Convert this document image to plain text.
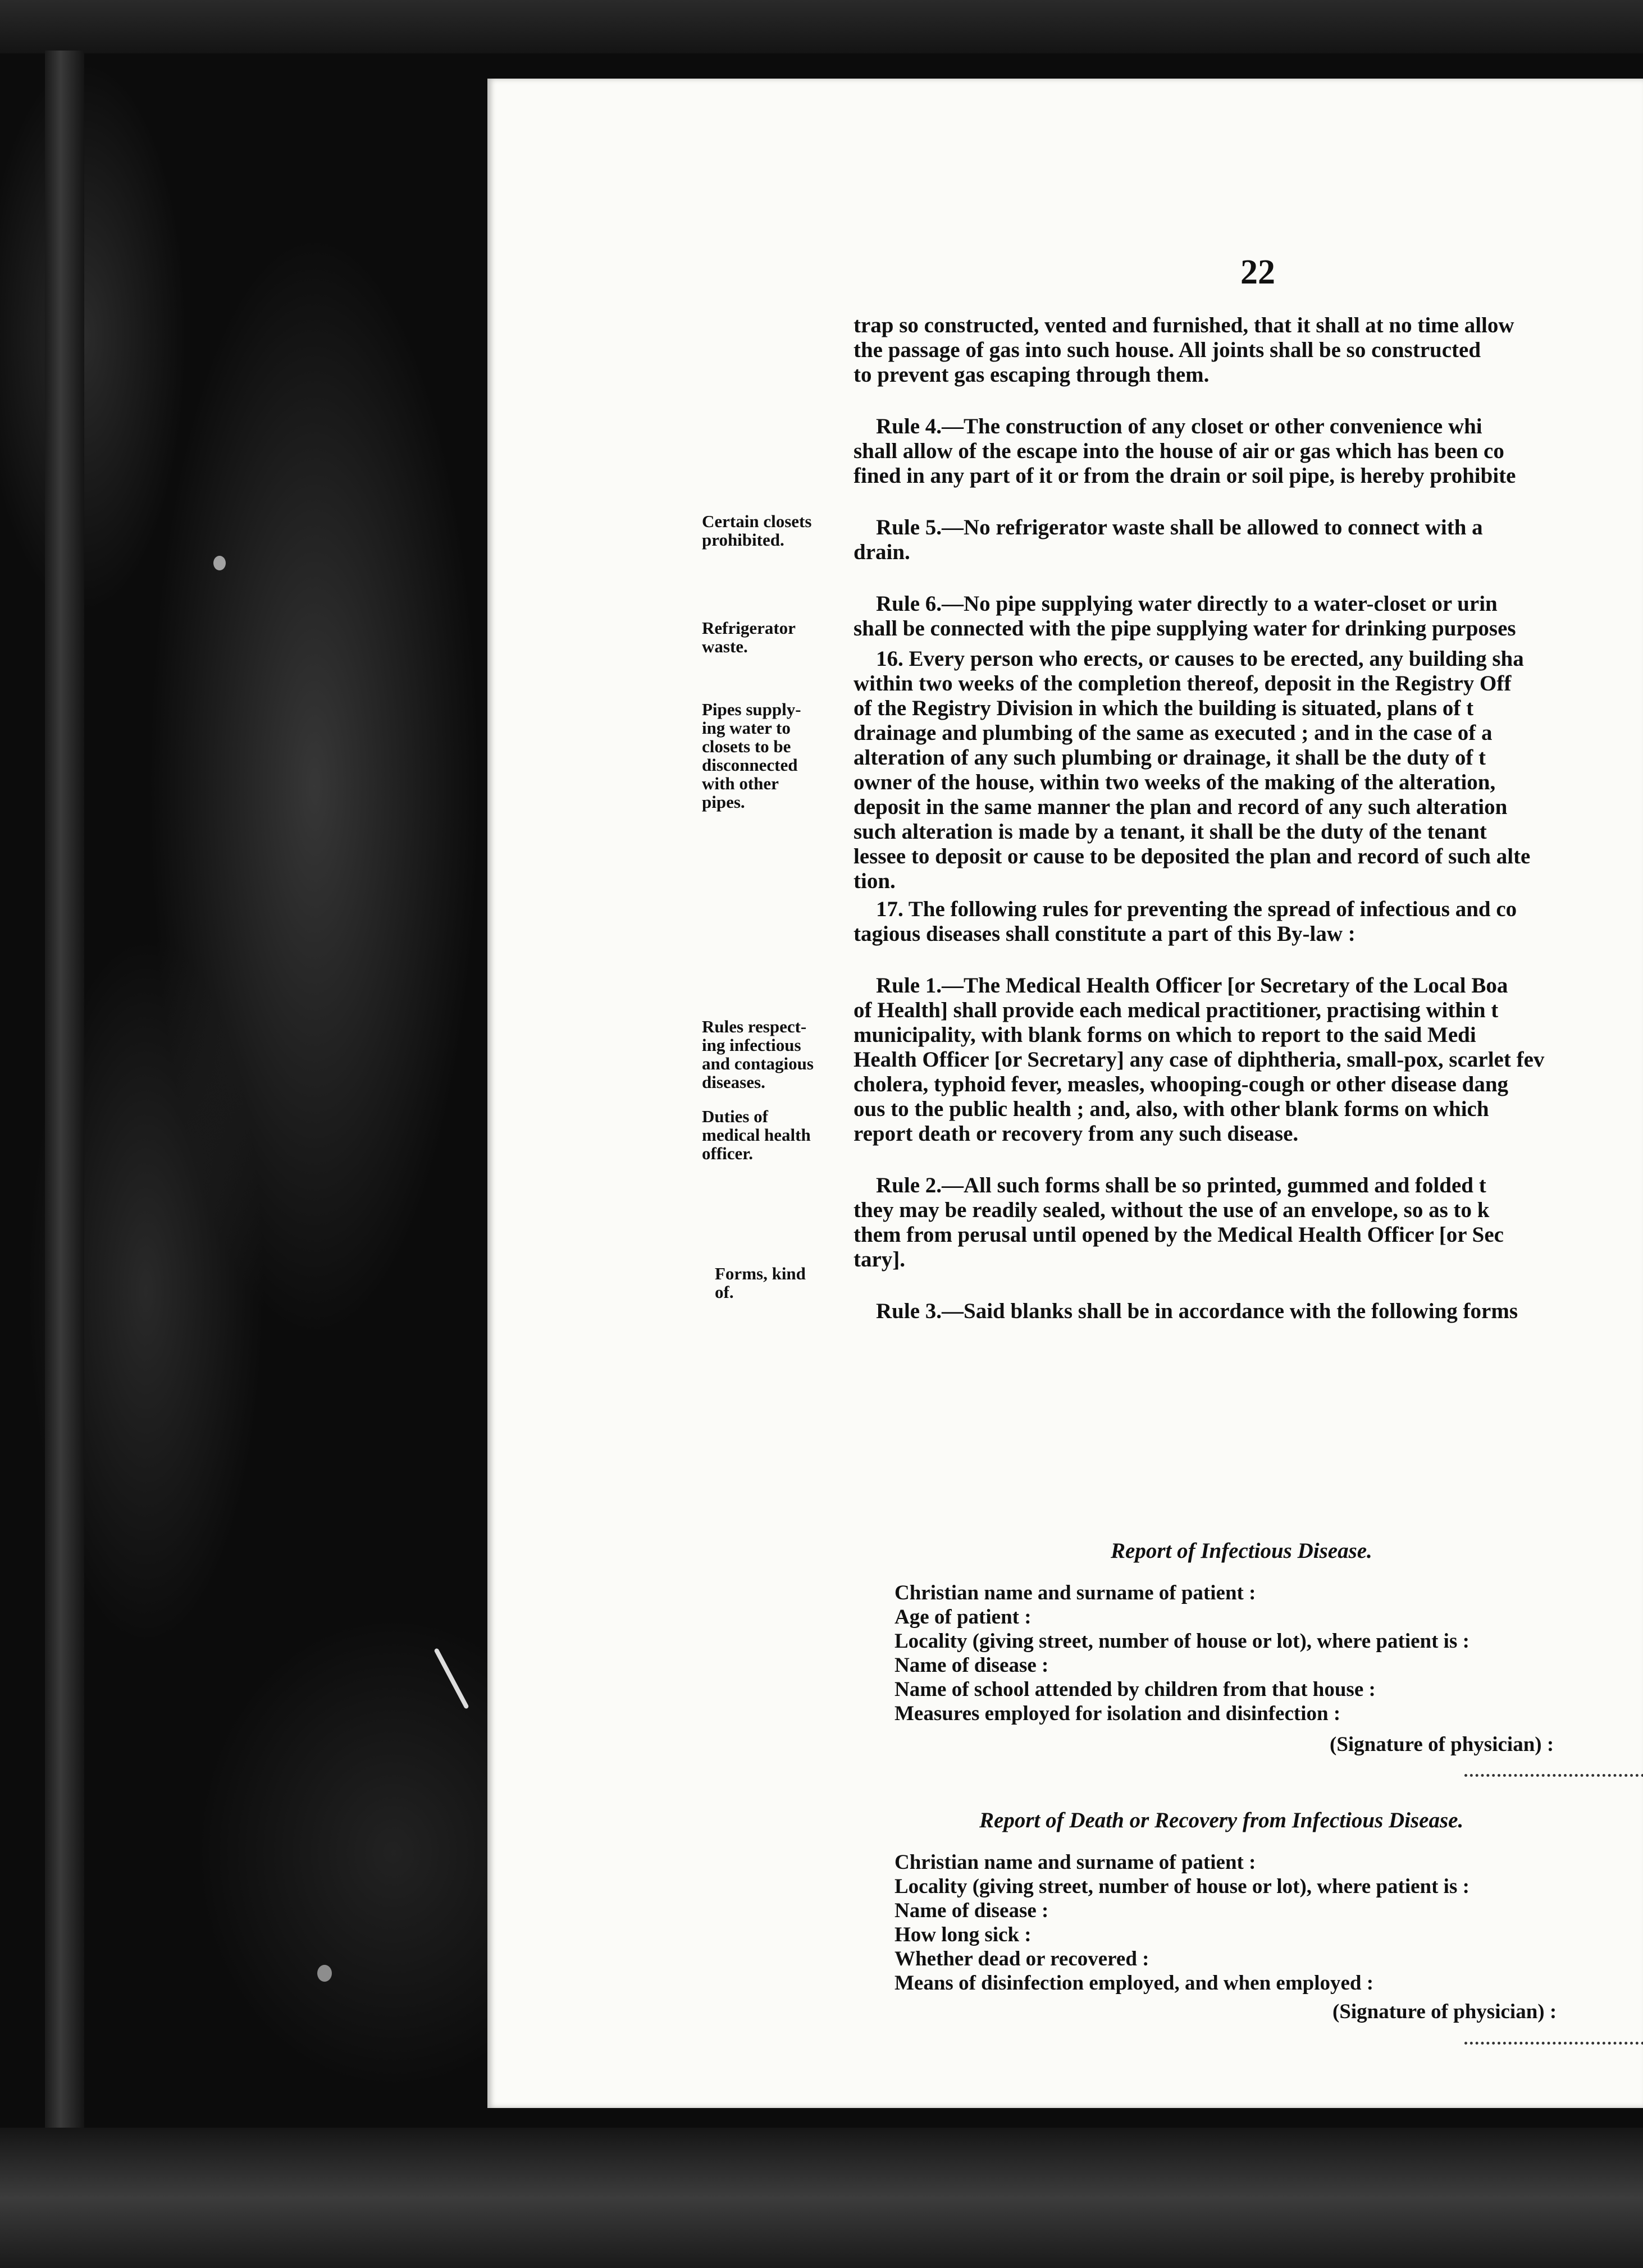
22
Certain closets
prohibited.
Refrigerator
waste.
Pipes supply-
ing water to
closets to be
disconnected
with other
pipes.
Rules respect-
ing infectious
and contagious
diseases.
Duties of
medical health
officer.
Forms, kind
of.
trap so constructed, vented and furnished, that it shall at no time allow
the passage of gas into such house. All joints shall be so constructed
to prevent gas escaping through them.
Rule 4.—The construction of any closet or other convenience whi
shall allow of the escape into the house of air or gas which has been co
fined in any part of it or from the drain or soil pipe, is hereby prohibite
Rule 5.—No refrigerator waste shall be allowed to connect with a
drain.
Rule 6.—No pipe supplying water directly to a water-closet or urin
shall be connected with the pipe supplying water for drinking purposes
16. Every person who erects, or causes to be erected, any building sha
within two weeks of the completion thereof, deposit in the Registry Off
of the Registry Division in which the building is situated, plans of t
drainage and plumbing of the same as executed ; and in the case of a
alteration of any such plumbing or drainage, it shall be the duty of t
owner of the house, within two weeks of the making of the alteration,
deposit in the same manner the plan and record of any such alteration
such alteration is made by a tenant, it shall be the duty of the tenant
lessee to deposit or cause to be deposited the plan and record of such alte
tion.
17. The following rules for preventing the spread of infectious and co
tagious diseases shall constitute a part of this By-law :
Rule 1.—The Medical Health Officer [or Secretary of the Local Boa
of Health] shall provide each medical practitioner, practising within t
municipality, with blank forms on which to report to the said Medi
Health Officer [or Secretary] any case of diphtheria, small-pox, scarlet fev
cholera, typhoid fever, measles, whooping-cough or other disease dang
ous to the public health ; and, also, with other blank forms on which
report death or recovery from any such disease.
Rule 2.—All such forms shall be so printed, gummed and folded t
they may be readily sealed, without the use of an envelope, so as to k
them from perusal until opened by the Medical Health Officer [or Sec
tary].
Rule 3.—Said blanks shall be in accordance with the following forms
Report of Infectious Disease.
Christian name and surname of patient :
Age of patient :
Locality (giving street, number of house or lot), where patient is :
Name of disease :
Name of school attended by children from that house :
Measures employed for isolation and disinfection :
(Signature of physician) :
Report of Death or Recovery from Infectious Disease.
Christian name and surname of patient :
Locality (giving street, number of house or lot), where patient is :
Name of disease :
How long sick :
Whether dead or recovered :
Means of disinfection employed, and when employed :
(Signature of physician) :
